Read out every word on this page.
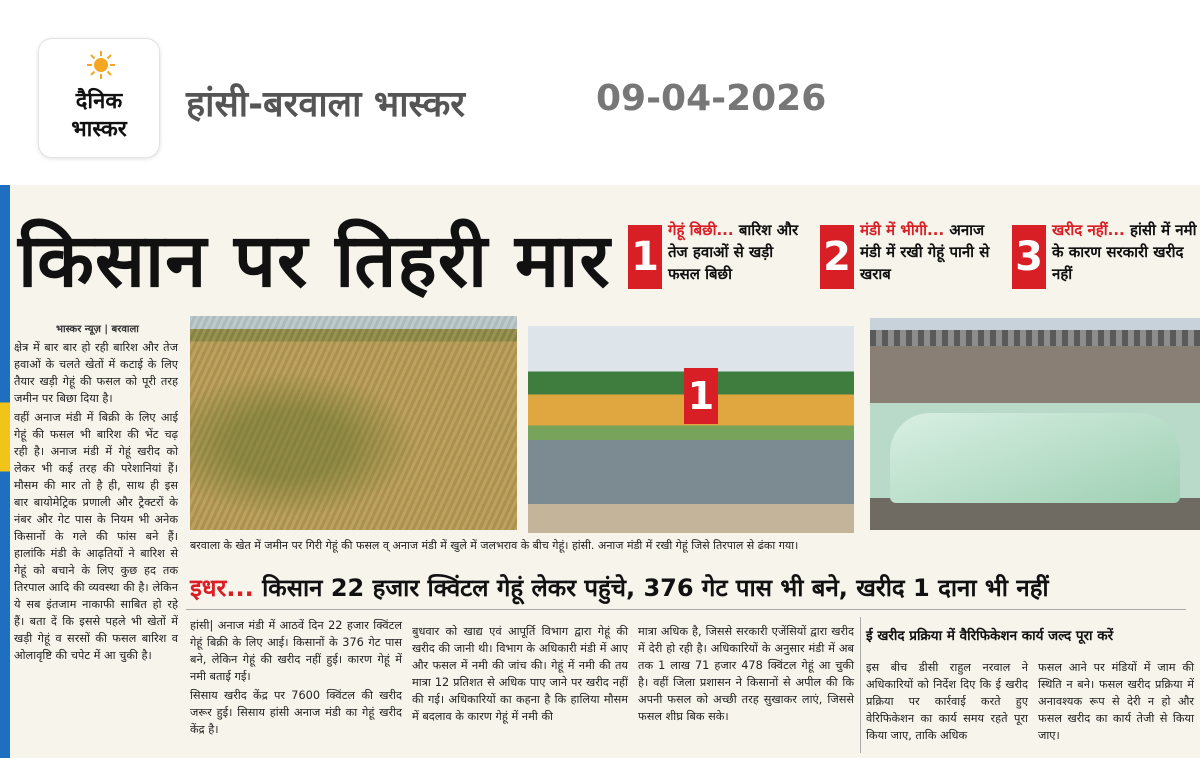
दैनिक
भास्कर
हांसी-बरवाला भास्कर	09-04-2026
किसान पर तिहरी मार 1
गेहूं बिछी... बारिश और तेज हवाओं से खड़ी फसल बिछी	2
मंडी में भीगी... अनाज मंडी में रखी गेहूं पानी से खराब	3
खरीद नहीं... हांसी में नमी के कारण सरकारी खरीद नहीं
भास्कर न्यूज़ | बरवाला

क्षेत्र में बार बार हो रही बारिश और तेज हवाओं के चलते खेतों में कटाई के लिए तैयार खड़ी गेहूं की फसल को पूरी तरह जमीन पर बिछा दिया है।

वहीं अनाज मंडी में बिक्री के लिए आई गेहूं की फसल भी बारिश की भेंट चढ़ रही है। अनाज मंडी में गेहूं खरीद को लेकर भी कई तरह की परेशानियां हैं। मौसम की मार तो है ही, साथ ही इस बार बायोमेट्रिक प्रणाली और ट्रैक्टरों के नंबर और गेट पास के नियम भी अनेक किसानों के गले की फांस बने हैं। हालांकि मंडी के आढ़तियों ने बारिश से गेहूं को बचाने के लिए कुछ हद तक तिरपाल आदि की व्यवस्था की है। लेकिन ये सब इंतजाम नाकाफी साबित हो रहे हैं। बता दें कि इससे पहले भी खेतों में खड़ी गेहूं व सरसों की फसल बारिश व ओलावृष्टि की चपेट में आ चुकी है।

1
बरवाला के खेत में जमीन पर गिरी गेहूं की फसल व् अनाज मंडी में खुले में जलभराव के बीच गेहूं। हांसी. अनाज मंडी में रखी गेहूं जिसे तिरपाल से ढंका गया।
इधर... किसान 22 हजार क्विंटल गेहूं लेकर पहुंचे, 376 गेट पास भी बने, खरीद 1 दाना भी नहीं

हांसी| अनाज मंडी में आठवें दिन 22 हजार क्विंटल गेहूं बिक्री के लिए आई। किसानों के 376 गेट पास बने, लेकिन गेहूं की खरीद नहीं हुई। कारण गेहूं में नमी बताई गई।

सिसाय खरीद केंद्र पर 7600 क्विंटल की खरीद जरूर हुई। सिसाय हांसी अनाज मंडी का गेहूं खरीद केंद्र है।

बुधवार को खाद्य एवं आपूर्ति विभाग द्वारा गेहूं की खरीद की जानी थी। विभाग के अधिकारी मंडी में आए और फसल में नमी की जांच की। गेहूं में नमी की तय मात्रा 12 प्रतिशत से अधिक पाए जाने पर खरीद नहीं की गई। अधिकारियों का कहना है कि हालिया मौसम में बदलाव के कारण गेहूं में नमी की
मात्रा अधिक है, जिससे सरकारी एजेंसियों द्वारा खरीद में देरी हो रही है। अधिकारियों के अनुसार मंडी में अब तक 1 लाख 71 हजार 478 क्विंटल गेहूं आ चुकी है। वहीं जिला प्रशासन ने किसानों से अपील की कि अपनी फसल को अच्छी तरह सुखाकर लाएं, जिससे फसल शीघ्र बिक सके।
ई खरीद प्रक्रिया में वैरिफिकेशन कार्य जल्द पूरा करें
इस बीच डीसी राहुल नरवाल ने अधिकारियों को निर्देश दिए कि ई खरीद प्रक्रिया पर कार्रवाई करते हुए वेरिफिकेशन का कार्य समय रहते पूरा किया जाए, ताकि अधिक
फसल आने पर मंडियों में जाम की स्थिति न बने। फसल खरीद प्रक्रिया में अनावश्यक रूप से देरी न हो और फसल खरीद का कार्य तेजी से किया जाए।
